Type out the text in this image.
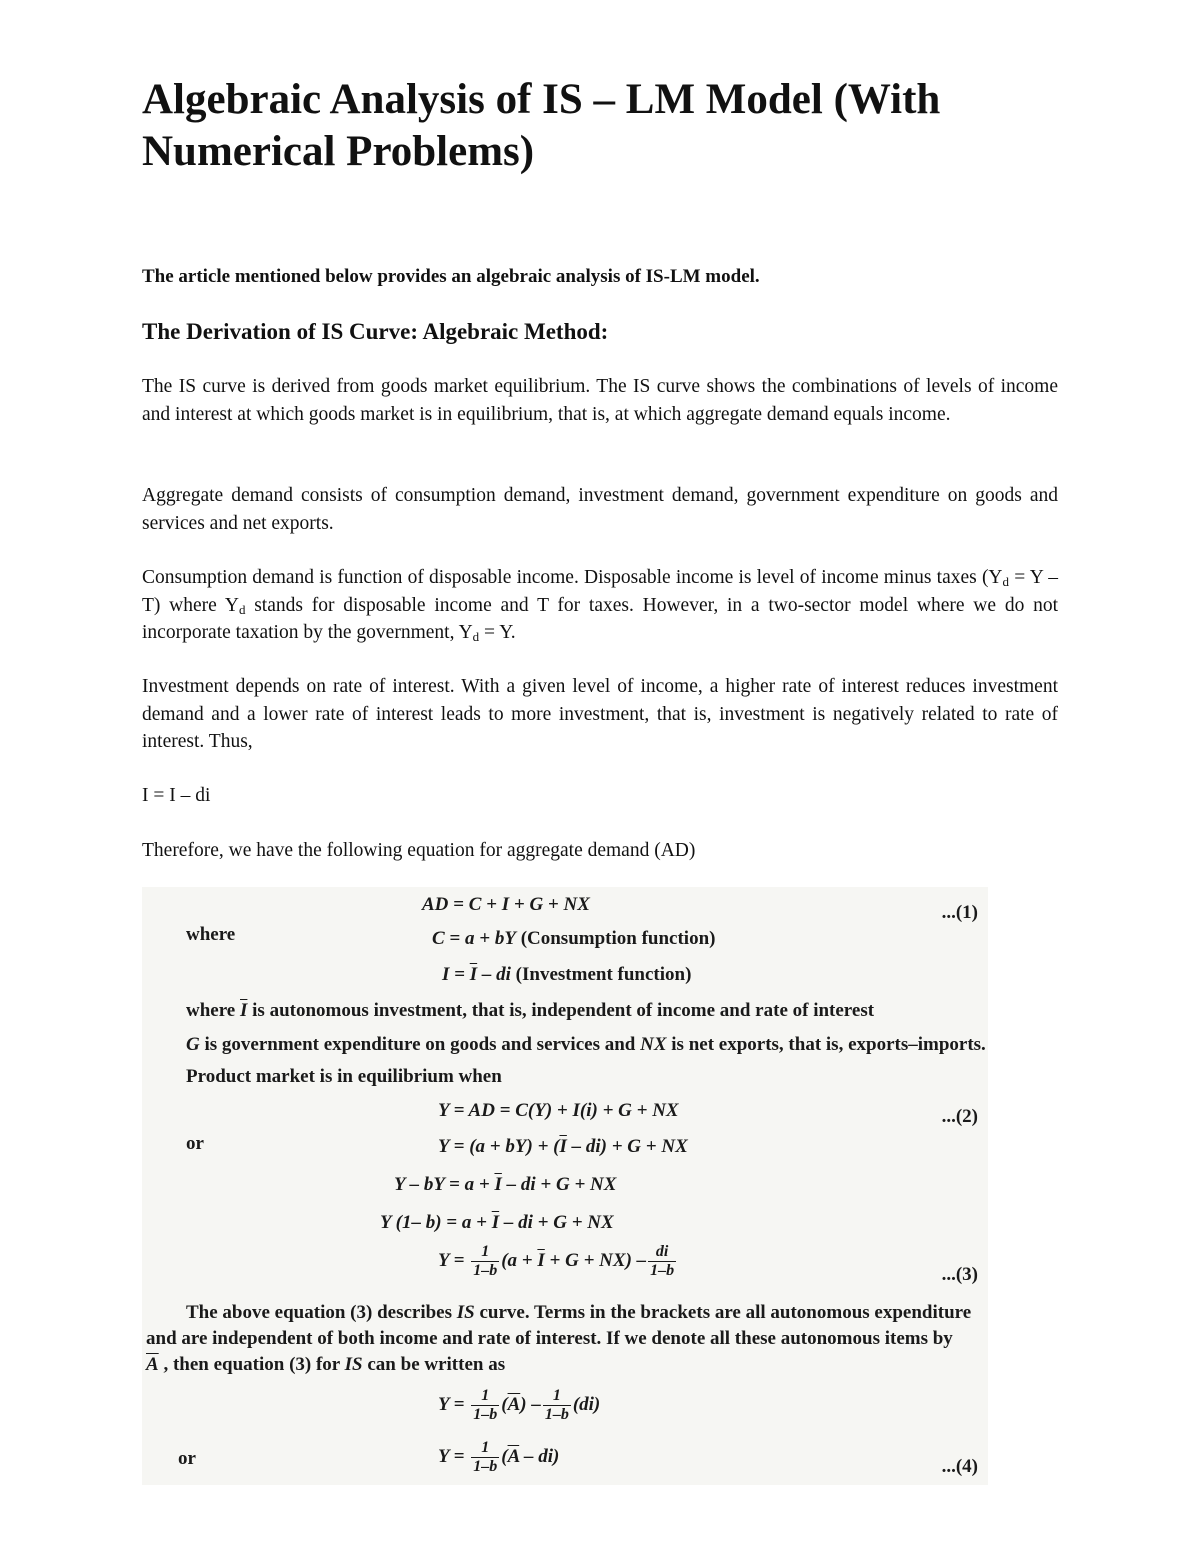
Algebraic Analysis of IS – LM Model (With Numerical Problems)

The article mentioned below provides an algebraic analysis of IS-LM model.

The Derivation of IS Curve: Algebraic Method:

The IS curve is derived from goods market equilibrium. The IS curve shows the combinations of levels of income and interest at which goods market is in equilibrium, that is, at which aggregate demand equals income.

Aggregate demand consists of consumption demand, investment demand, government expenditure on goods and services and net exports.

Consumption demand is function of disposable income. Disposable income is level of income minus taxes $(Y_d = Y - T)$ where $Y_d$ stands for disposable income and T for taxes. However, in a two-sector model where we do not incorporate taxation by the government, $Y_d = Y$.

Investment depends on rate of interest. With a given level of income, a higher rate of interest reduces investment demand and a lower rate of interest leads to more investment, that is, investment is negatively related to rate of interest. Thus,

I = I – di

Therefore, we have the following equation for aggregate demand (AD)

AD = C + I + G + NX	...(1)
where	C = a + bY (Consumption function)
$I = \overline{I}$ – di (Investment function)
where $\overline{I}$ is autonomous investment, that is, independent of income and rate of interest
G is government expenditure on goods and services and NX is net exports, that is, exports–imports.
Product market is in equilibrium when
Y = AD = C(Y) + I(i) + G + NX	...(2)
or	$Y = (a + bY) + (\overline{I} - di) + G$ + NX
Y – bY = $a + \overline{I}$ – di + G + NX
Y (1– $b) = a + \overline{I}$ – di + G + NX
$Y = \frac{1}{1-b} (a + \overline{I} + G + NX) - \frac{di}{1-b}$	...(3)
The above equation (3) describes IS curve. Terms in the brackets are all autonomous expenditure
and are independent of both income and rate of interest. If we denote all these autonomous items by
$\overline{A}$ , then equation (3) for IS can be written as
$Y = \frac{1}{1-b} (\overline{A}) - \frac{1}{1-b} (di)$
or	$Y = \frac{1}{1-b} (\overline{A} - di)$	...(4)
